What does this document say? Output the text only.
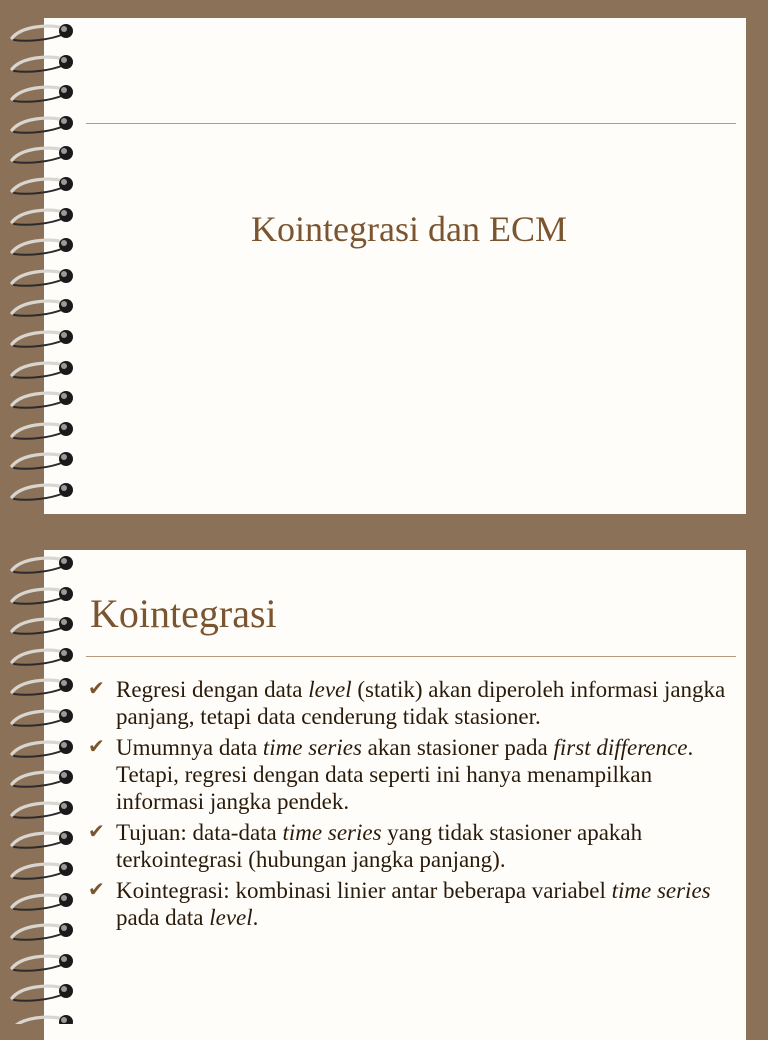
Kointegrasi dan ECM
Kointegrasi
✔ Regresi dengan data level (statik) akan diperoleh informasi jangka panjang, tetapi data cenderung tidak stasioner.
✔ Umumnya data time series akan stasioner pada first difference. Tetapi, regresi dengan data seperti ini hanya menampilkan informasi jangka pendek.
✔ Tujuan: data-data time series yang tidak stasioner apakah terkointegrasi (hubungan jangka panjang).
✔ Kointegrasi: kombinasi linier antar beberapa variabel time series pada data level.
